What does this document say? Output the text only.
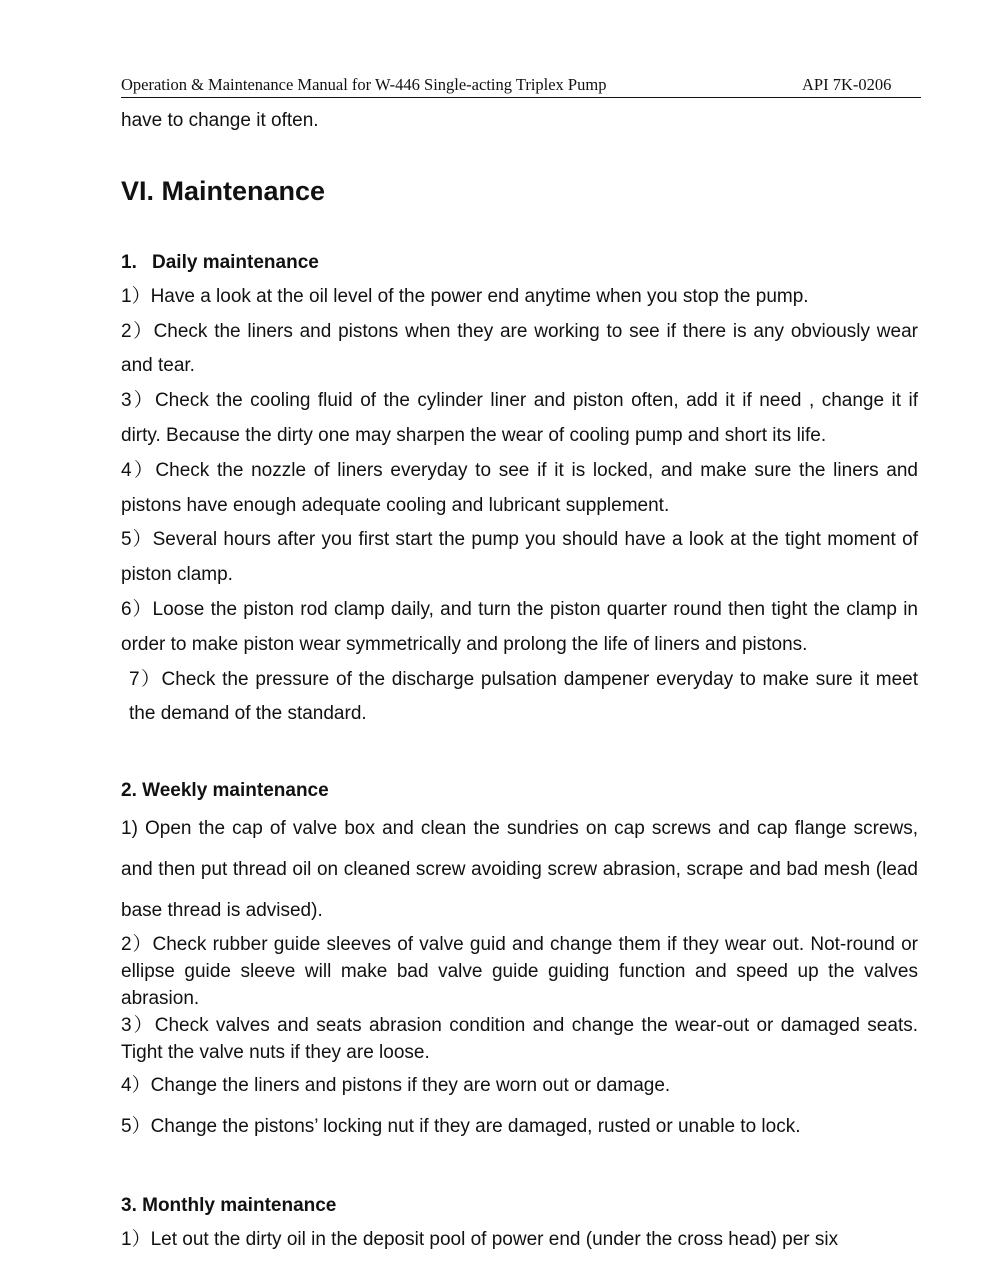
Operation & Maintenance Manual for W-446 Single-acting Triplex Pump	API 7K-0206

have to change it often.

VI. Maintenance
1. Daily maintenance

1）Have a look at the oil level of the power end anytime when you stop the pump.

2）Check the liners and pistons when they are working to see if there is any obviously wear and tear.

3）Check the cooling fluid of the cylinder liner and piston often, add it if need , change it if dirty. Because the dirty one may sharpen the wear of cooling pump and short its life.

4）Check the nozzle of liners everyday to see if it is locked, and make sure the liners and pistons have enough adequate cooling and lubricant supplement.

5）Several hours after you first start the pump you should have a look at the tight moment of piston clamp.

6）Loose the piston rod clamp daily, and turn the piston quarter round then tight the clamp in order to make piston wear symmetrically and prolong the life of liners and pistons.

7）Check the pressure of the discharge pulsation dampener everyday to make sure it meet the demand of the standard.

2. Weekly maintenance

1) Open the cap of valve box and clean the sundries on cap screws and cap flange screws, and then put thread oil on cleaned screw avoiding screw abrasion, scrape and bad mesh (lead base thread is advised).

2）Check rubber guide sleeves of valve guid and change them if they wear out. Not-round or ellipse guide sleeve will make bad valve guide guiding function and speed up the valves abrasion.

3）Check valves and seats abrasion condition and change the wear-out or damaged seats. Tight the valve nuts if they are loose.

4）Change the liners and pistons if they are worn out or damage.

5）Change the pistons’ locking nut if they are damaged, rusted or unable to lock.

3. Monthly maintenance

1）Let out the dirty oil in the deposit pool of power end (under the cross head) per six
